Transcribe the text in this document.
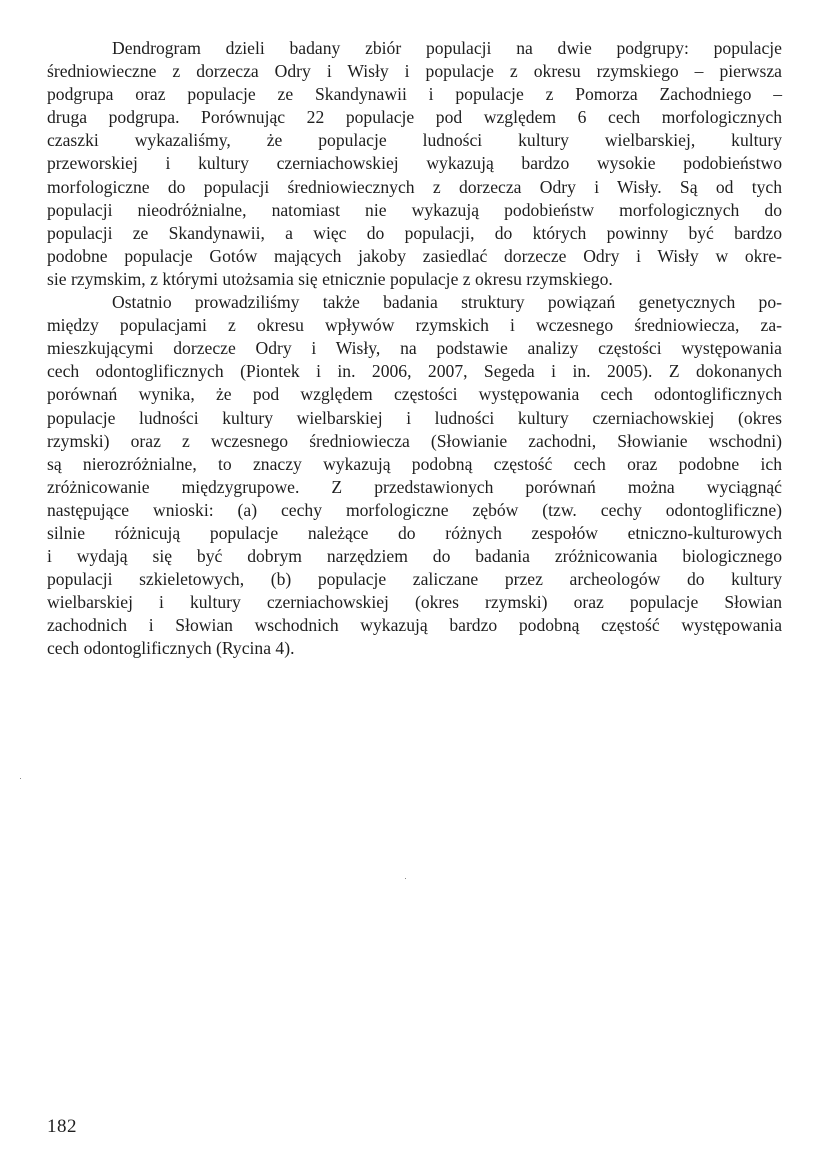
Dendrogram dzieli badany zbiór populacji na dwie podgrupy: populacje
średniowieczne z dorzecza Odry i Wisły i populacje z okresu rzymskiego – pierwsza
podgrupa oraz populacje ze Skandynawii i populacje z Pomorza Zachodniego –
druga podgrupa. Porównując 22 populacje pod względem 6 cech morfologicznych
czaszki wykazaliśmy, że populacje ludności kultury wielbarskiej, kultury
przeworskiej i kultury czerniachowskiej wykazują bardzo wysokie podobieństwo
morfologiczne do populacji średniowiecznych z dorzecza Odry i Wisły. Są od tych
populacji nieodróżnialne, natomiast nie wykazują podobieństw morfologicznych do
populacji ze Skandynawii, a więc do populacji, do których powinny być bardzo
podobne populacje Gotów mających jakoby zasiedlać dorzecze Odry i Wisły w okre-
sie rzymskim, z którymi utożsamia się etnicznie populacje z okresu rzymskiego.
Ostatnio prowadziliśmy także badania struktury powiązań genetycznych po-
między populacjami z okresu wpływów rzymskich i wczesnego średniowiecza, za-
mieszkującymi dorzecze Odry i Wisły, na podstawie analizy częstości występowania
cech odontoglificznych (Piontek i in. 2006, 2007, Segeda i in. 2005). Z dokonanych
porównań wynika, że pod względem częstości występowania cech odontoglificznych
populacje ludności kultury wielbarskiej i ludności kultury czerniachowskiej (okres
rzymski) oraz z wczesnego średniowiecza (Słowianie zachodni, Słowianie wschodni)
są nierozróżnialne, to znaczy wykazują podobną częstość cech oraz podobne ich
zróżnicowanie międzygrupowe. Z przedstawionych porównań można wyciągnąć
następujące wnioski: (a) cechy morfologiczne zębów (tzw. cechy odontoglificzne)
silnie różnicują populacje należące do różnych zespołów etniczno-kulturowych
i wydają się być dobrym narzędziem do badania zróżnicowania biologicznego
populacji szkieletowych, (b) populacje zaliczane przez archeologów do kultury
wielbarskiej i kultury czerniachowskiej (okres rzymski) oraz populacje Słowian
zachodnich i Słowian wschodnich wykazują bardzo podobną częstość występowania
cech odontoglificznych (Rycina 4).
182
